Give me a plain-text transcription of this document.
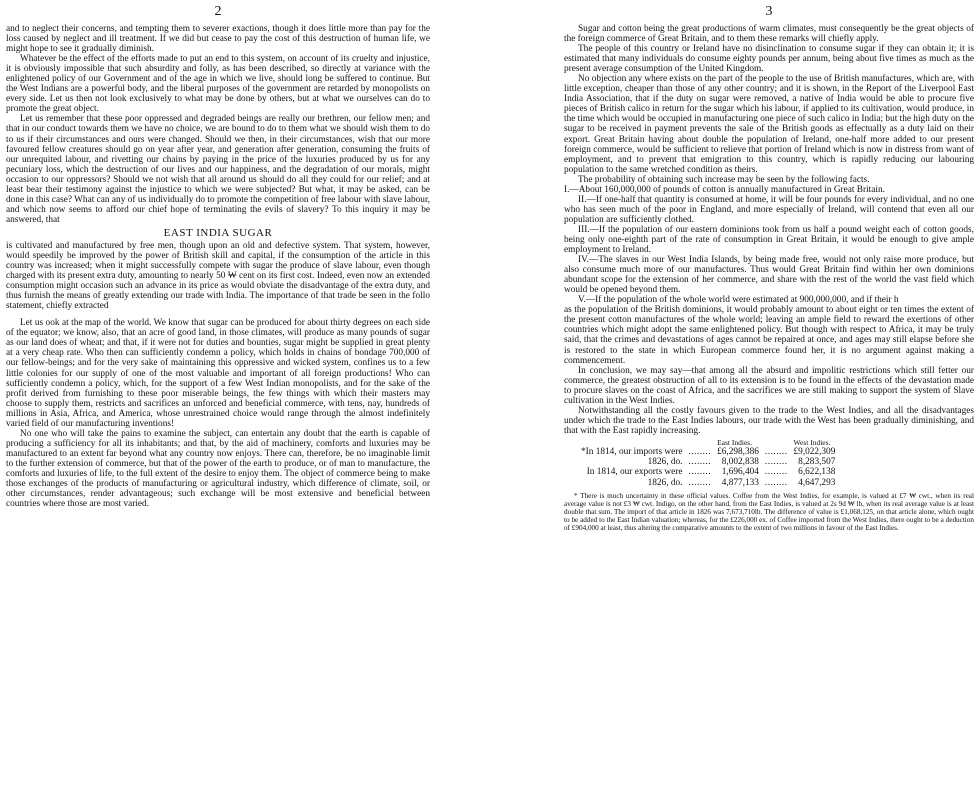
2

and to neglect their concerns, and tempting them to severer exactions, though it does little more than pay for the loss caused by neglect and ill treatment. If we did but cease to pay the cost of this destruction of human life, we might hope to see it gradually diminish.

Whatever be the effect of the efforts made to put an end to this system, on account of its cruelty and injustice, it is obviously impossible that such absurdity and folly, as has been described, so directly at variance with the enlightened policy of our Government and of the age in which we live, should long be suffered to continue. But the West Indians are a powerful body, and the liberal purposes of the government are retarded by monopolists on every side. Let us then not look exclusively to what may be done by others, but at what we ourselves can do to promote the great object.

Let us remember that these poor oppressed and degraded beings are really our brethren, our fellow men; and that in our conduct towards them we have no choice, we are bound to do to them what we should wish them to do to us if their circumstances and ours were changed. Should we then, in their circumstances, wish that our more favoured fellow creatures should go on year after year, and generation after generation, consuming the fruits of our unrequited labour, and rivetting our chains by paying in the price of the luxuries produced by us for any pecuniary loss, which the destruction of our lives and our happiness, and the degradation of our morals, might occasion to our oppressors? Should we not wish that all around us should do all they could for our relief; and at least bear their testimony against the injustice to which we were subjected? But what, it may be asked, can be done in this case? What can any of us individually do to promote the competition of free labour with slave labour, and which now seems to afford our chief hope of terminating the evils of slavery? To this inquiry it may be answered, that

EAST INDIA SUGAR

is cultivated and manufactured by free men, though upon an old and defective system. That system, however, would speedily be improved by the power of British skill and capital, if the consumption of the article in this country was increased; when it might successfully compete with sugar the produce of slave labour, even though charged with its present extra duty, amounting to nearly 50 ₩ cent on its first cost. Indeed, even now an extended consumption might occasion such an advance in its price as would obviate the disadvantage of the extra duty, and thus furnish the means of greatly extending our trade with India. The importance of that trade be seen in the follo statement, chiefly extracted

Let us ook at the map of the world. We know that sugar can be produced for about thirty degrees on each side of the equator; we know, also, that an acre of good land, in those climates, will produce as many pounds of sugar as our land does of wheat; and that, if it were not for duties and bounties, sugar might be supplied in great plenty at a very cheap rate. Who then can sufficiently condemn a policy, which holds in chains of bondage 700,000 of our fellow-beings; and for the very sake of maintaining this oppressive and wicked system, confines us to a few little colonies for our supply of one of the most valuable and important of all foreign productions! Who can sufficiently condemn a policy, which, for the support of a few West Indian monopolists, and for the sake of the profit derived from furnishing to these poor miserable beings, the few things with which their masters may choose to supply them, restricts and sacrifices an unforced and beneficial commerce, with tens, nay, hundreds of millions in Asia, Africa, and America, whose unrestrained choice would range through the almost indefinitely varied field of our manufacturing inventions!

No one who will take the pains to examine the subject, can entertain any doubt that the earth is capable of producing a sufficiency for all its inhabitants; and that, by the aid of machinery, comforts and luxuries may be manufactured to an extent far beyond what any country now enjoys. There can, therefore, be no imaginable limit to the further extension of commerce, but that of the power of the earth to produce, or of man to manufacture, the comforts and luxuries of life, to the full extent of the desire to enjoy them. The object of commerce being to make those exchanges of the products of manufacturing or agricultural industry, which difference of climate, soil, or other circumstances, render advantageous; such exchange will be most extensive and beneficial between countries where those are most varied.

3

Sugar and cotton being the great productions of warm climates, must consequently be the great objects of the foreign commerce of Great Britain, and to them these remarks will chiefly apply.

The people of this country or Ireland have no disinclination to consume sugar if they can obtain it; it is estimated that many individuals do consume eighty pounds per annum, being about five times as much as the present average consumption of the United Kingdom.

No objection any where exists on the part of the people to the use of British manufactures, which are, with little exception, cheaper than those of any other country; and it is shown, in the Report of the Liverpool East India Association, that if the duty on sugar were removed, a native of India would be able to procure five pieces of British calico in return for the sugar which his labour, if applied to its cultivation, would produce, in the time which would be occupied in manufacturing one piece of such calico in India; but the high duty on the sugar to be received in payment prevents the sale of the British goods as effectually as a duty laid on their export. Great Britain having about double the population of Ireland, one-half more added to our present foreign commerce, would be sufficient to relieve that portion of Ireland which is now in distress from want of employment, and to prevent that emigration to this country, which is rapidly reducing our labouring population to the same wretched condition as theirs.

The probability of obtaining such increase may be seen by the following facts.

I.—About 160,000,000 of pounds of cotton is annually manufactured in Great Britain.

II.—If one-half that quantity is consumed at home, it will be four pounds for every individual, and no one who has seen much of the poor in England, and more especially of Ireland, will contend that even all our population are sufficiently clothed.

III.—If the population of our eastern dominions took from us half a pound weight each of cotton goods, being only one-eighth part of the rate of consumption in Great Britain, it would be enough to give ample employment to Ireland.

IV.—The slaves in our West India Islands, by being made free, would not only raise more produce, but also consume much more of our manufactures. Thus would Great Britain find within her own dominions abundant scope for the extension of her commerce, and share with the rest of the world the vast field which would be opened beyond them.

V.—If the population of the whole world were estimated at 900,000,000, and if their h

as the population of the British dominions, it would probably amount to about eight or ten times the extent of the present cotton manufactures of the whole world; leaving an ample field to reward the exertions of other countries which might adopt the same enlightened policy. But though with respect to Africa, it may be truly said, that the crimes and devastations of ages cannot be repaired at once, and ages may still elapse before she is restored to the state in which European commerce found her, it is no argument against making a commencement.

In conclusion, we may say—that among all the absurd and impolitic restrictions which still fetter our commerce, the greatest obstruction of all to its extension is to be found in the effects of the devastation made to procure slaves on the coast of Africa, and the sacrifices we are still making to support the system of Slave cultivation in the West Indies.

Notwithstanding all the costly favours given to the trade to the West Indies, and all the disadvantages under which the trade to the East Indies labours, our trade with the West has been gradually diminishing, and that with the East rapidly increasing.

		East Indies.		West Indies.
*In 1814, our imports were	........	£6,298,386	........	£9,022,309
1826, do.	........	8,002,838	........	8,283,507
In 1814, our exports were	........	1,696,404	........	6,622,138
1826, do.	........	4,877,133	........	4,647,293

* There is much uncertainty in these official values. Coffee from the West Indies, for example, is valued at £7 ₩ cwt., when its real average value is not £3 ₩ cwt. Indigo, on the other hand, from the East Indies, is valued at 2s 9d ₩ lb, when its real average value is at least double that sum. The import of that article in 1826 was 7,673,710lb. The difference of value is £1,068,125, on that article alone, which ought to be added to the East Indian valuation; whereas, for the £226,000 ex. of Coffee imported from the West Indies, there ought to be a deduction of £904,000 at least, thus altering the comparative amounts to the extent of two millions in favour of the East Indies.
